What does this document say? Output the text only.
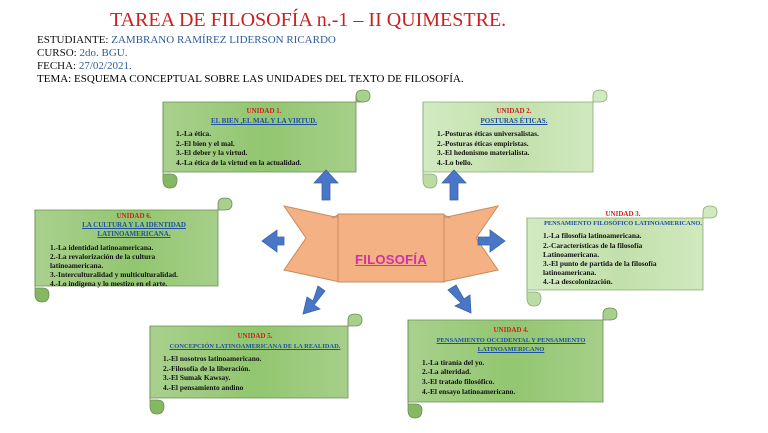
TAREA DE FILOSOFÍA n.-1 – II QUIMESTRE.
ESTUDIANTE: ZAMBRANO RAMÍREZ LIDERSON RICARDO
CURSO: 2do. BGU.
FECHA: 27/02/2021.
TEMA: ESQUEMA CONCEPTUAL SOBRE LAS UNIDADES DEL TEXTO DE FILOSOFÍA.
FILOSOFÍA
UNIDAD 1.
EL BIEN ,EL MAL Y LA VIRTUD.
1.-La ética.
2.-El bien y el mal.
3.-El deber y la virtud.
4.-La ética de la virtud en la actualidad.
UNIDAD 2.
POSTURAS ÉTICAS.
1.-Posturas éticas universalistas.
2.-Posturas éticas empiristas.
3.-El hedonismo materialista.
4.-Lo bello.
UNIDAD 6.
LA CULTURA Y LA IDENTIDAD LATINOAMERICANA.
1.-La identidad latinoamericana.
2.-La revalorización de la cultura
latinoamericana.
3.-Interculturalidad y multiculturalidad.
4.-Lo indígena y lo mestizo en el arte.
UNIDAD 3.
PENSAMIENTO FILOSÓFICO LATINOAMERICANO.
1.-La filosofía latinoamericana.
2.-Características de la filosofía
Latinoamericana.
3.-El punto de partida de la filosofía
latinoamericana.
4.-La descolonización.
UNIDAD 5.
CONCEPCIÓN LATINOAMERICANA DE LA REALIDAD.
1.-El nosotros latinoamericano.
2.-Filosofía de la liberación.
3.-El Sumak Kawsay.
4.-El pensamiento andino
UNIDAD 4.
PENSAMIENTO OCCIDENTAL Y PENSAMIENTO LATINOAMERICANO
1.-La tiranía del yo.
2.-La alteridad.
3.-El tratado filosófico.
4.-El ensayo latinoamericano.
